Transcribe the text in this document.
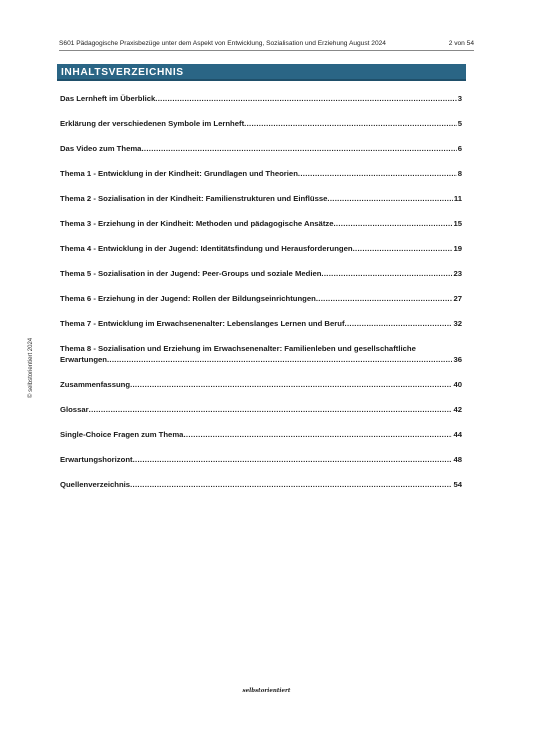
S601 Pädagogische Praxisbezüge unter dem Aspekt von Entwicklung, Sozialisation und Erziehung August 2024	2 von 54
INHALTSVERZEICHNIS
Das Lernheft im Überblick .....	3
Erklärung der verschiedenen Symbole im Lernheft .....	5
Das Video zum Thema .....	6
Thema 1 - Entwicklung in der Kindheit: Grundlagen und Theorien .....	8
Thema 2 - Sozialisation in der Kindheit: Familienstrukturen und Einflüsse .....	11
Thema 3 - Erziehung in der Kindheit: Methoden und pädagogische Ansätze .....	15
Thema 4 - Entwicklung in der Jugend: Identitätsfindung und Herausforderungen .....	19
Thema 5 - Sozialisation in der Jugend: Peer-Groups und soziale Medien .....	23
Thema 6 - Erziehung in der Jugend: Rollen der Bildungseinrichtungen .....	27
Thema 7 - Entwicklung im Erwachsenenalter: Lebenslanges Lernen und Beruf .....	32
Thema 8 - Sozialisation und Erziehung im Erwachsenenalter: Familienleben und gesellschaftliche
Erwartungen .....	36
Zusammenfassung .....	40
Glossar .....	42
Single-Choice Fragen zum Thema .....	44
Erwartungshorizont .....	48
Quellenverzeichnis .....	54
© selbstorientiert 2024
selbstorientiert
